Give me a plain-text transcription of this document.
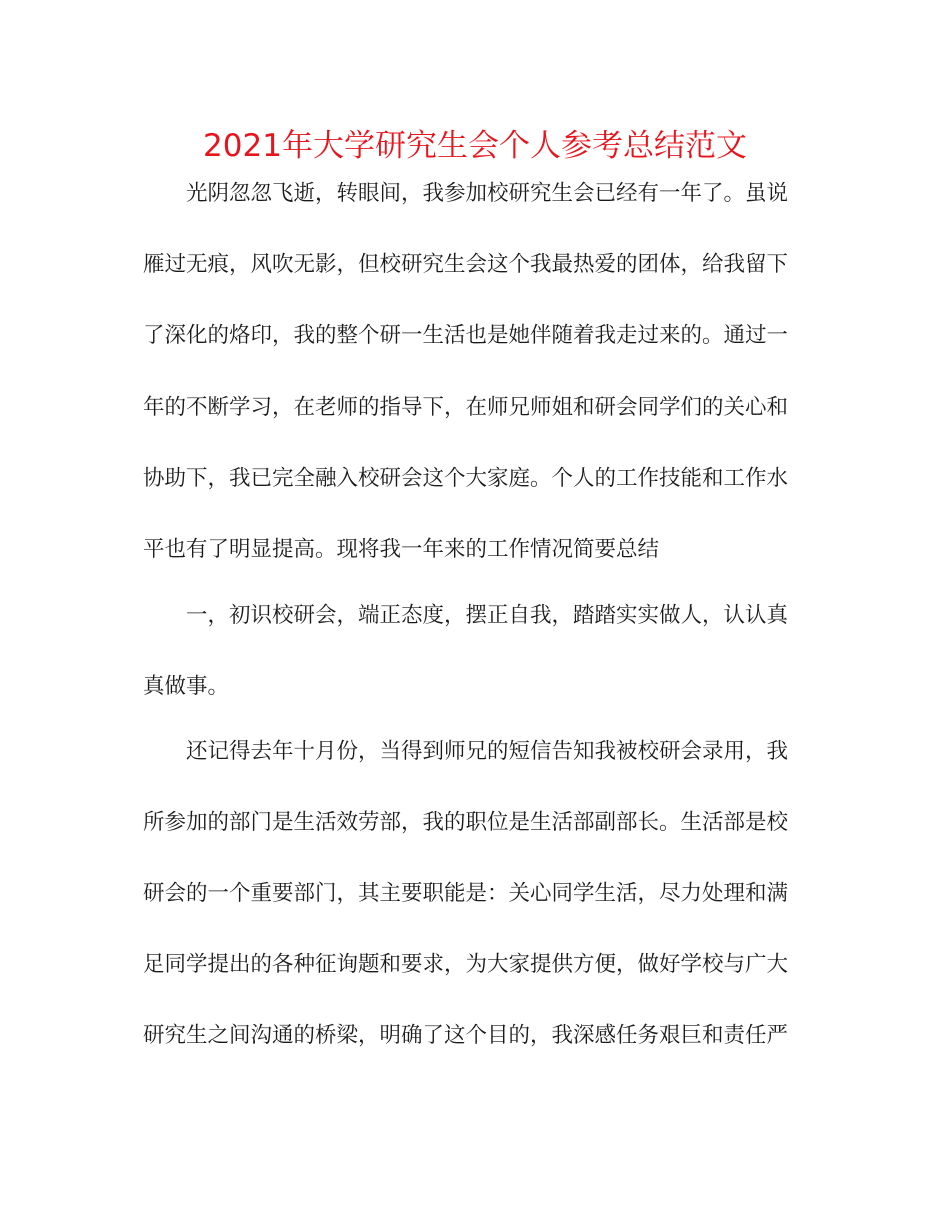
2021年大学研究生会个人参考总结范文

光阴忽忽飞逝，转眼间，我参加校研究生会已经有一年了。虽说

雁过无痕，风吹无影，但校研究生会这个我最热爱的团体，给我留下

了深化的烙印，我的整个研一生活也是她伴随着我走过来的。通过一

年的不断学习，在老师的指导下，在师兄师姐和研会同学们的关心和

协助下，我已完全融入校研会这个大家庭。个人的工作技能和工作水

平也有了明显提高。现将我一年来的工作情况简要总结

一，初识校研会，端正态度，摆正自我，踏踏实实做人，认认真

真做事。

还记得去年十月份，当得到师兄的短信告知我被校研会录用，我

所参加的部门是生活效劳部，我的职位是生活部副部长。生活部是校

研会的一个重要部门，其主要职能是：关心同学生活，尽力处理和满

足同学提出的各种征询题和要求，为大家提供方便，做好学校与广大

研究生之间沟通的桥梁，明确了这个目的，我深感任务艰巨和责任严
